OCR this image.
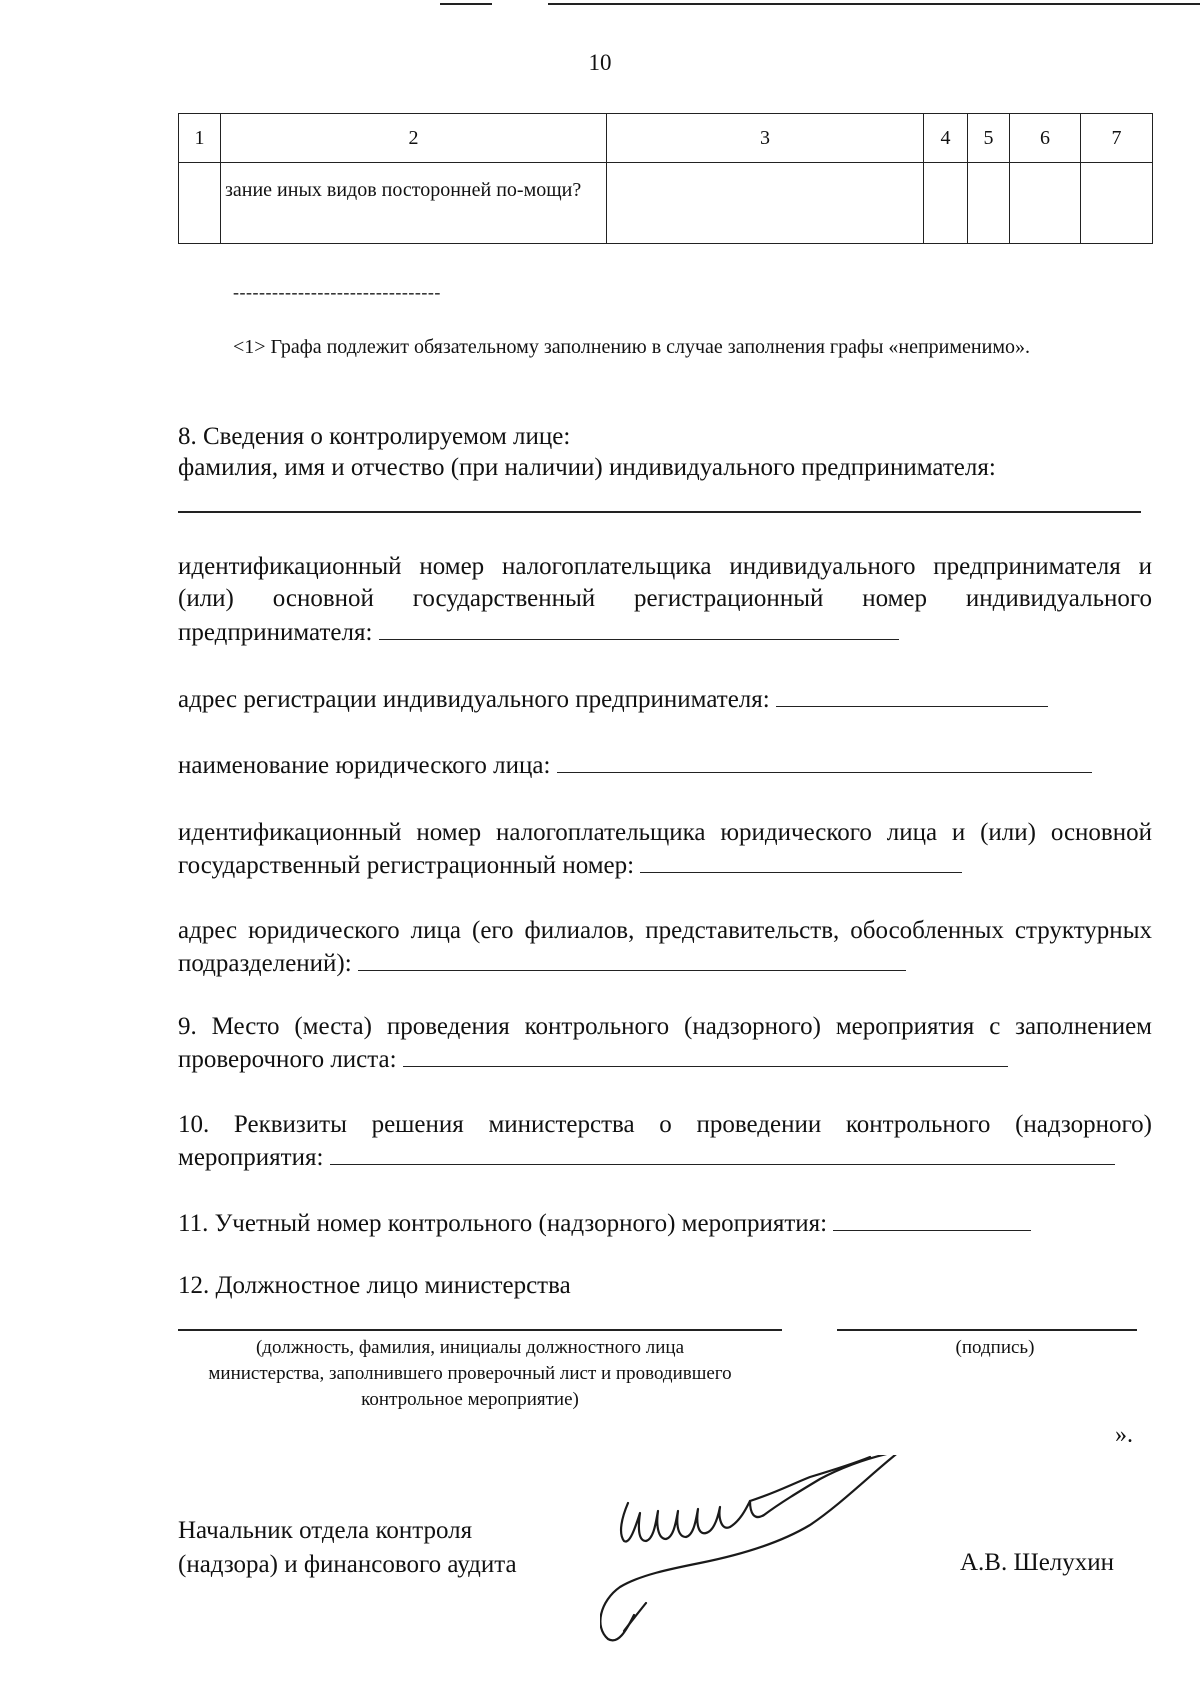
10
1	2	3	4	5	6	7

	зание иных видов посторонней по-мощи?					

--------------------------------
<1> Графа подлежит обязательному заполнению в случае заполнения графы «неприменимо».
8. Сведения о контролируемом лице:
фамилия, имя и отчество (при наличии) индивидуального предпринимателя:
идентификационный номер налогоплательщика индивидуального предпринимателя и (или) основной государственный регистрационный номер индивидуального предпринимателя:
адрес регистрации индивидуального предпринимателя:
наименование юридического лица:
идентификационный номер налогоплательщика юридического лица и (или) основной государственный регистрационный номер:
адрес юридического лица (его филиалов, представительств, обособленных структурных подразделений):
9. Место (места) проведения контрольного (надзорного) мероприятия с заполнением проверочного листа:
10. Реквизиты решения министерства о проведении контрольного (надзорного) мероприятия:
11. Учетный номер контрольного (надзорного) мероприятия:
12. Должностное лицо министерства
(должность, фамилия, инициалы должностного лица министерства, заполнившего проверочный лист и проводившего контрольное мероприятие)
(подпись)
».
Начальник отдела контроля
(надзора) и финансового аудита	А.В. Шелухин
